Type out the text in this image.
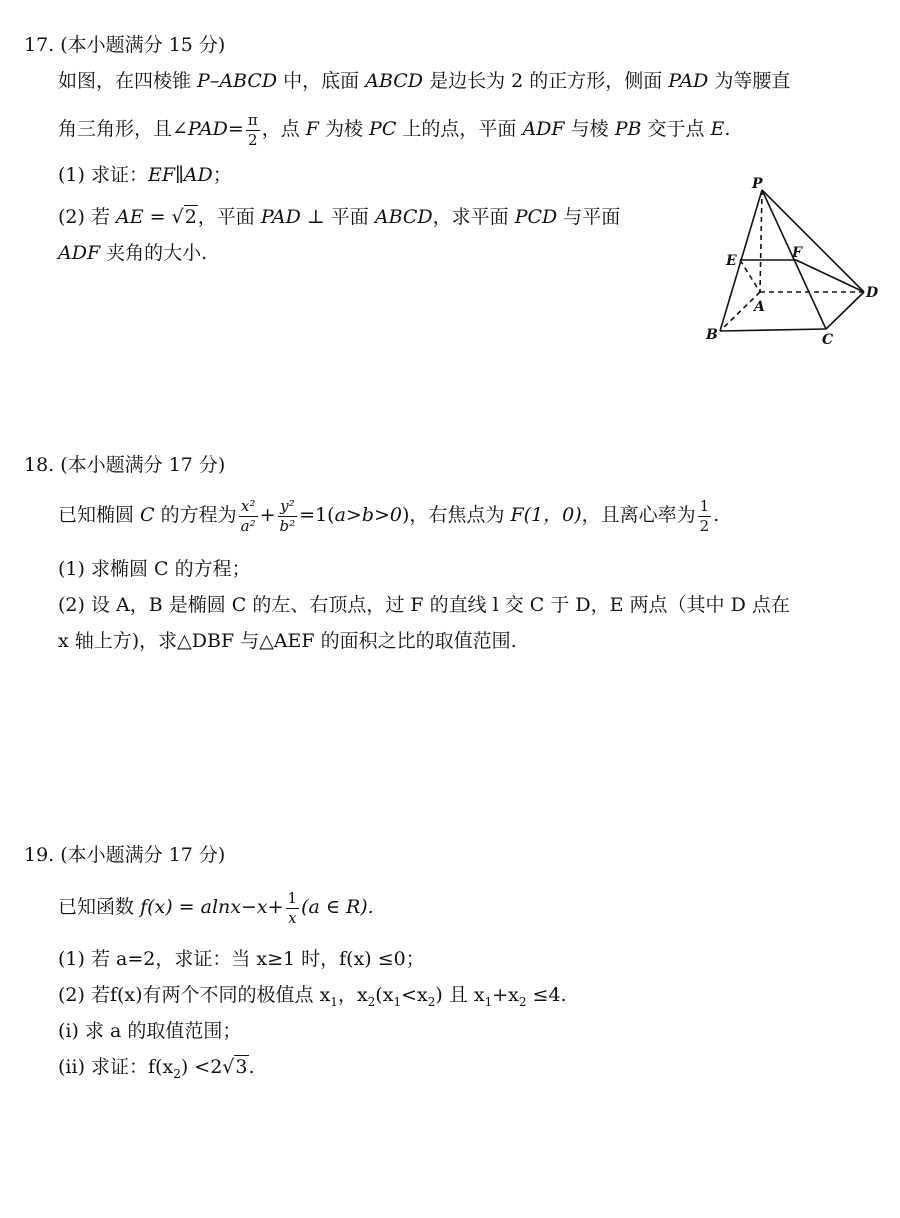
17. (本小题满分 15 分)
如图，在四棱锥 P–ABCD 中，底面 ABCD 是边长为 2 的正方形，侧面 PAD 为等腰直
角三角形，且∠PAD= $\frac{\pi}{2}$ ，点 F 为棱 PC 上的点，平面 ADF 与棱 PB 交于点 E.
(1) 求证：EF∥AD；
(2) 若 AE = √2，平面 PAD ⊥ 平面 ABCD，求平面 PCD 与平面
ADF 夹角的大小.
P
E	F
A
D
B	C
18. (本小题满分 17 分)
已知椭圆 C 的方程为 $\frac{\text{x²}}{\text{a²}} + \frac{\text{y²}}{\text{b²}} =1(a>b>0)$，右焦点为 F(1，0)，且离心率为 $\frac{1}{2}$ .
(1) 求椭圆 C 的方程；
(2) 设 A，B 是椭圆 C 的左、右顶点，过 F 的直线 l 交 C 于 D，E 两点（其中 D 点在
x 轴上方)，求△DBF 与△AEF 的面积之比的取值范围.
19. (本小题满分 17 分)
已知函数 $f(x) = alnx-x+ \frac{1}{x} (a$ ∈ R).
(1) 若 a=2，求证：当 x≥1 时，f(x) ≤0；
(2) 若f(x)有两个不同的极值点 $x_1$，$x_2(x_1<x_2)$ 且 $x_1+x_2 \le 4$.
(i) 求 a 的取值范围；
(ii) 求证：$f(x_2) <2√3$.
